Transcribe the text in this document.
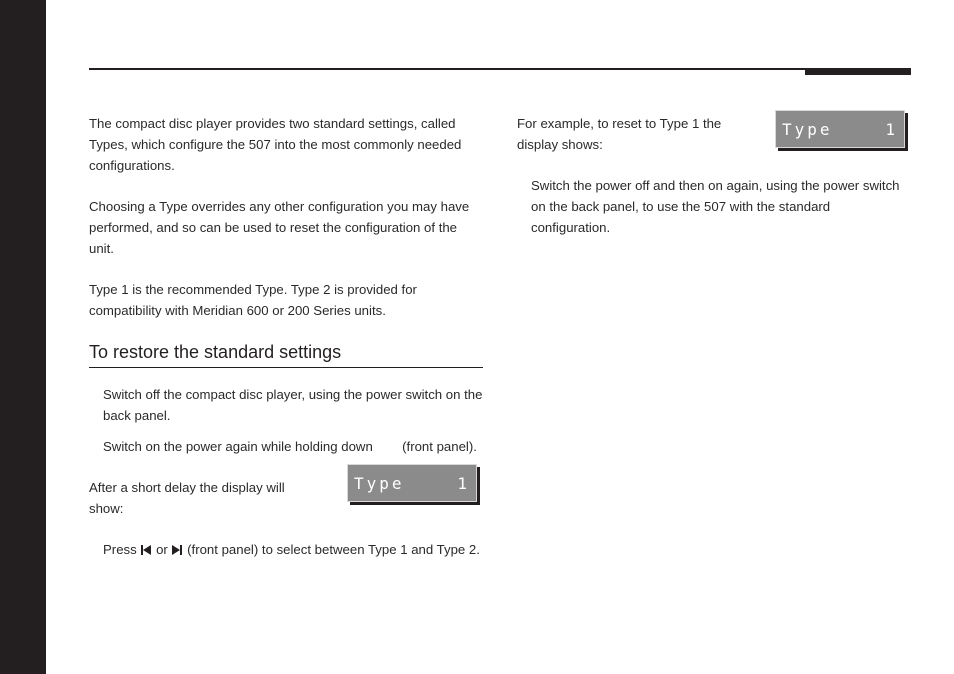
The compact disc player provides two standard settings, called Types, which configure the 507 into the most commonly needed configurations.

Choosing a Type overrides any other configuration you may have performed, and so can be used to reset the configuration of the unit.

Type 1 is the recommended Type. Type 2 is provided for compatibility with Meridian 600 or 200 Series units.

To restore the standard settings

Switch off the compact disc player, using the power switch on the back panel.

Switch on the power again while holding down (front panel).

After a short delay the display will show:

Type	1

Press or (front panel) to select between Type 1 and Type 2.

For example, to reset to Type 1 the display shows:

Type	1

Switch the power off and then on again, using the power switch on the back panel, to use the 507 with the standard configuration.
